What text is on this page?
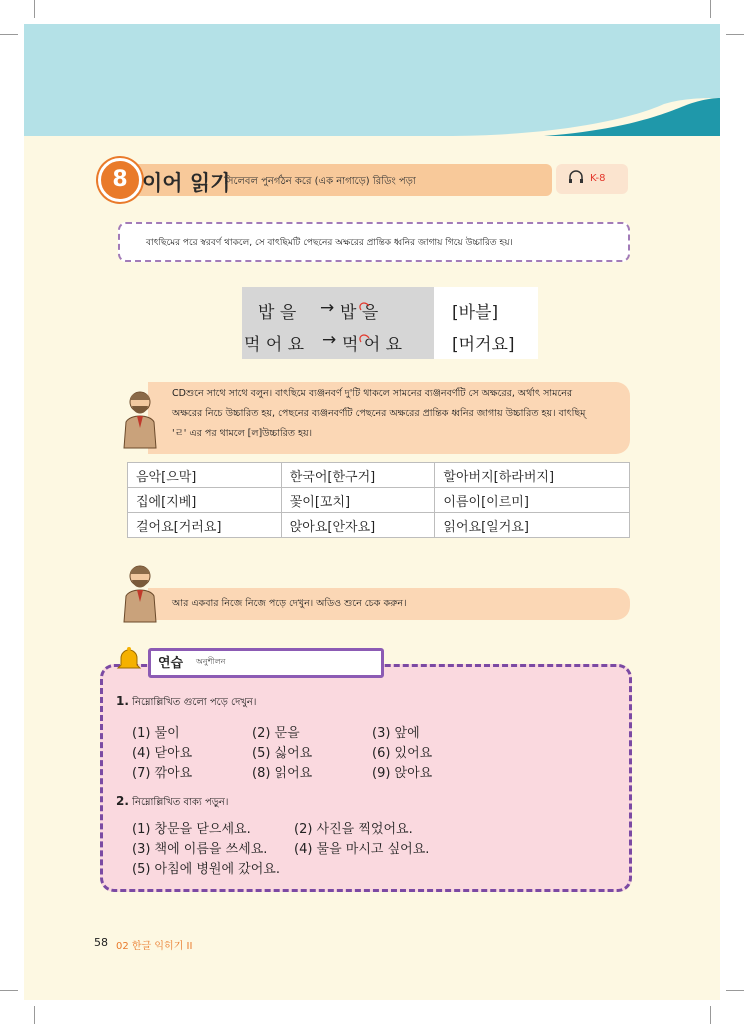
8 이어 읽기
সিলেবল পুনর্গঠন করে (এক নাগাড়ে) রিডিং পড়া	K-8
বাৎছিমের পরে স্বরবর্ণ থাকলে, সে বাৎছিমটি পেছনের অক্ষরের প্রান্তিক ধ্বনির জাগায় গিয়ে উচ্চারিত হয়।
밥 을 → 밥 을	[바블]
먹 어 요 → 먹 어 요	[머거요]
CDশুনে সাথে সাথে বলুন। বাৎছিমে ব্যঞ্জনবর্ণ দু'টি থাকলে সামনের ব্যঞ্জনবর্ণটি সে অক্ষরের, অর্থাৎ সামনের
অক্ষরের নিচে উচ্চারিত হয়, পেছনের ব্যঞ্জনবর্ণটি পেছনের অক্ষরের প্রান্তিক ধ্বনির জাগায় উচ্চারিত হয়। বাৎছিম্
'ㄹ' এর পর থামলে [ল]উচ্চারিত হয়।
음악[으막]	한국어[한구거]	할아버지[하라버지]
집에[지베]	꽃이[꼬치]	이름이[이르미]
걸어요[거러요]	앉아요[안자요]	읽어요[일거요]
আর একবার নিজে নিজে পড়ে দেখুন। অডিও শুনে চেক করুন।
연습 অনুশীলন
1. নিম্নোল্লিখিত গুলো পড়ে দেখুন।
(1) 물이	(2) 문을	(3) 앞에
(4) 닫아요	(5) 싫어요	(6) 있어요
(7) 깎아요	(8) 읽어요	(9) 앉아요
2. নিম্নোল্লিখিত বাক্য পড়ুন।
(1) 창문을 닫으세요.	(2) 사진을 찍었어요.
(3) 책에 이름을 쓰세요. (4) 물을 마시고 싶어요.
(5) 아침에 병원에 갔어요.
58 02 한글 익히기 II
